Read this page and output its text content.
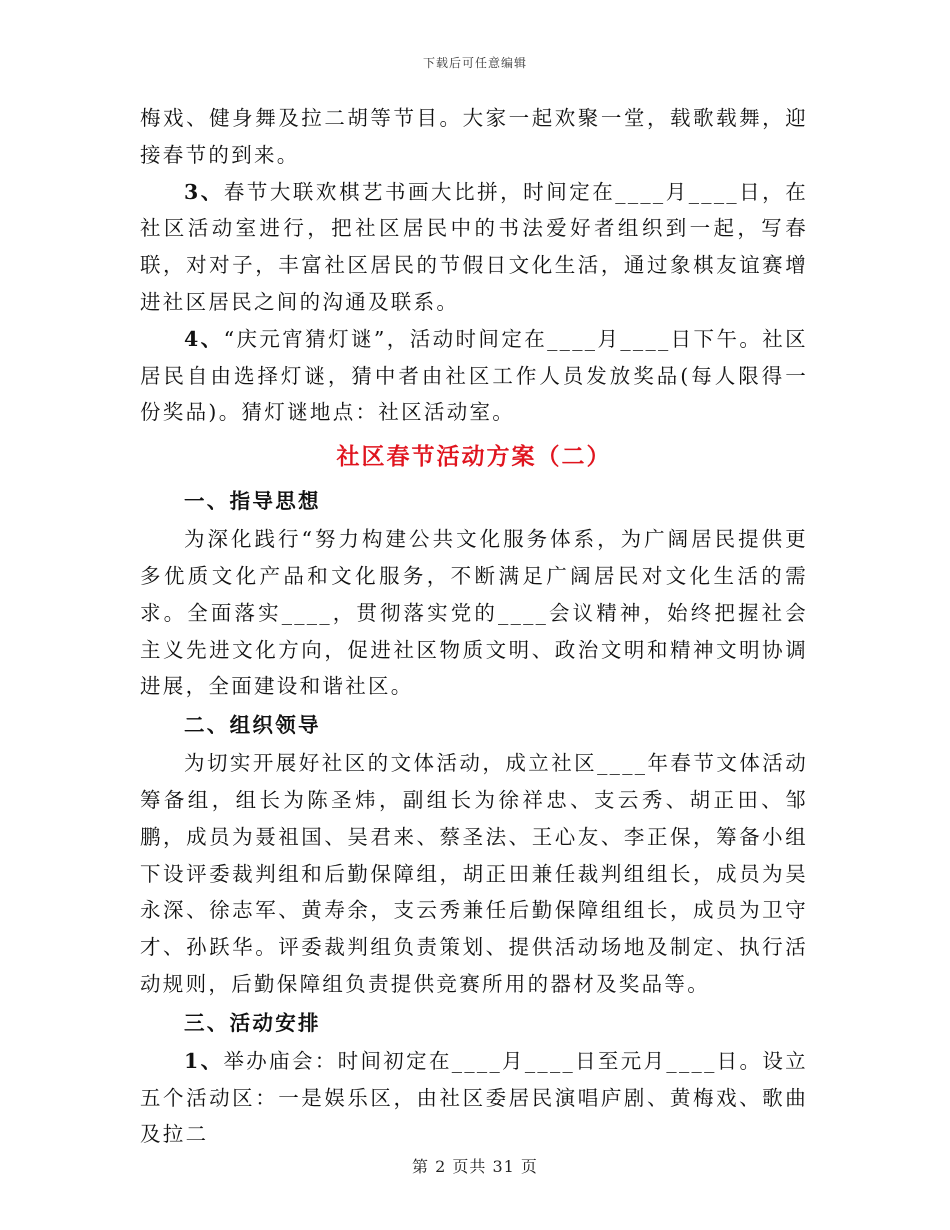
下载后可任意编辑

梅戏、健身舞及拉二胡等节目。大家一起欢聚一堂，载歌载舞，迎接春节的到来。

3、春节大联欢棋艺书画大比拼，时间定在____月____日，在社区活动室进行，把社区居民中的书法爱好者组织到一起，写春联，对对子，丰富社区居民的节假日文化生活，通过象棋友谊赛增进社区居民之间的沟通及联系。

4、“庆元宵猜灯谜”，活动时间定在____月____日下午。社区居民自由选择灯谜，猜中者由社区工作人员发放奖品(每人限得一份奖品)。猜灯谜地点：社区活动室。

社区春节活动方案（二）
一、指导思想

为深化践行“努力构建公共文化服务体系，为广阔居民提供更多优质文化产品和文化服务，不断满足广阔居民对文化生活的需求。全面落实____，贯彻落实党的____会议精神，始终把握社会主义先进文化方向，促进社区物质文明、政治文明和精神文明协调进展，全面建设和谐社区。

二、组织领导

为切实开展好社区的文体活动，成立社区____年春节文体活动筹备组，组长为陈圣炜，副组长为徐祥忠、支云秀、胡正田、邹鹏，成员为聂祖国、吴君来、蔡圣法、王心友、李正保，筹备小组下设评委裁判组和后勤保障组，胡正田兼任裁判组组长，成员为吴永深、徐志军、黄寿余，支云秀兼任后勤保障组组长，成员为卫守才、孙跃华。评委裁判组负责策划、提供活动场地及制定、执行活动规则，后勤保障组负责提供竞赛所用的器材及奖品等。

三、活动安排

1、举办庙会：时间初定在____月____日至元月____日。设立五个活动区：一是娱乐区，由社区委居民演唱庐剧、黄梅戏、歌曲及拉二

第 2 页共 31 页
